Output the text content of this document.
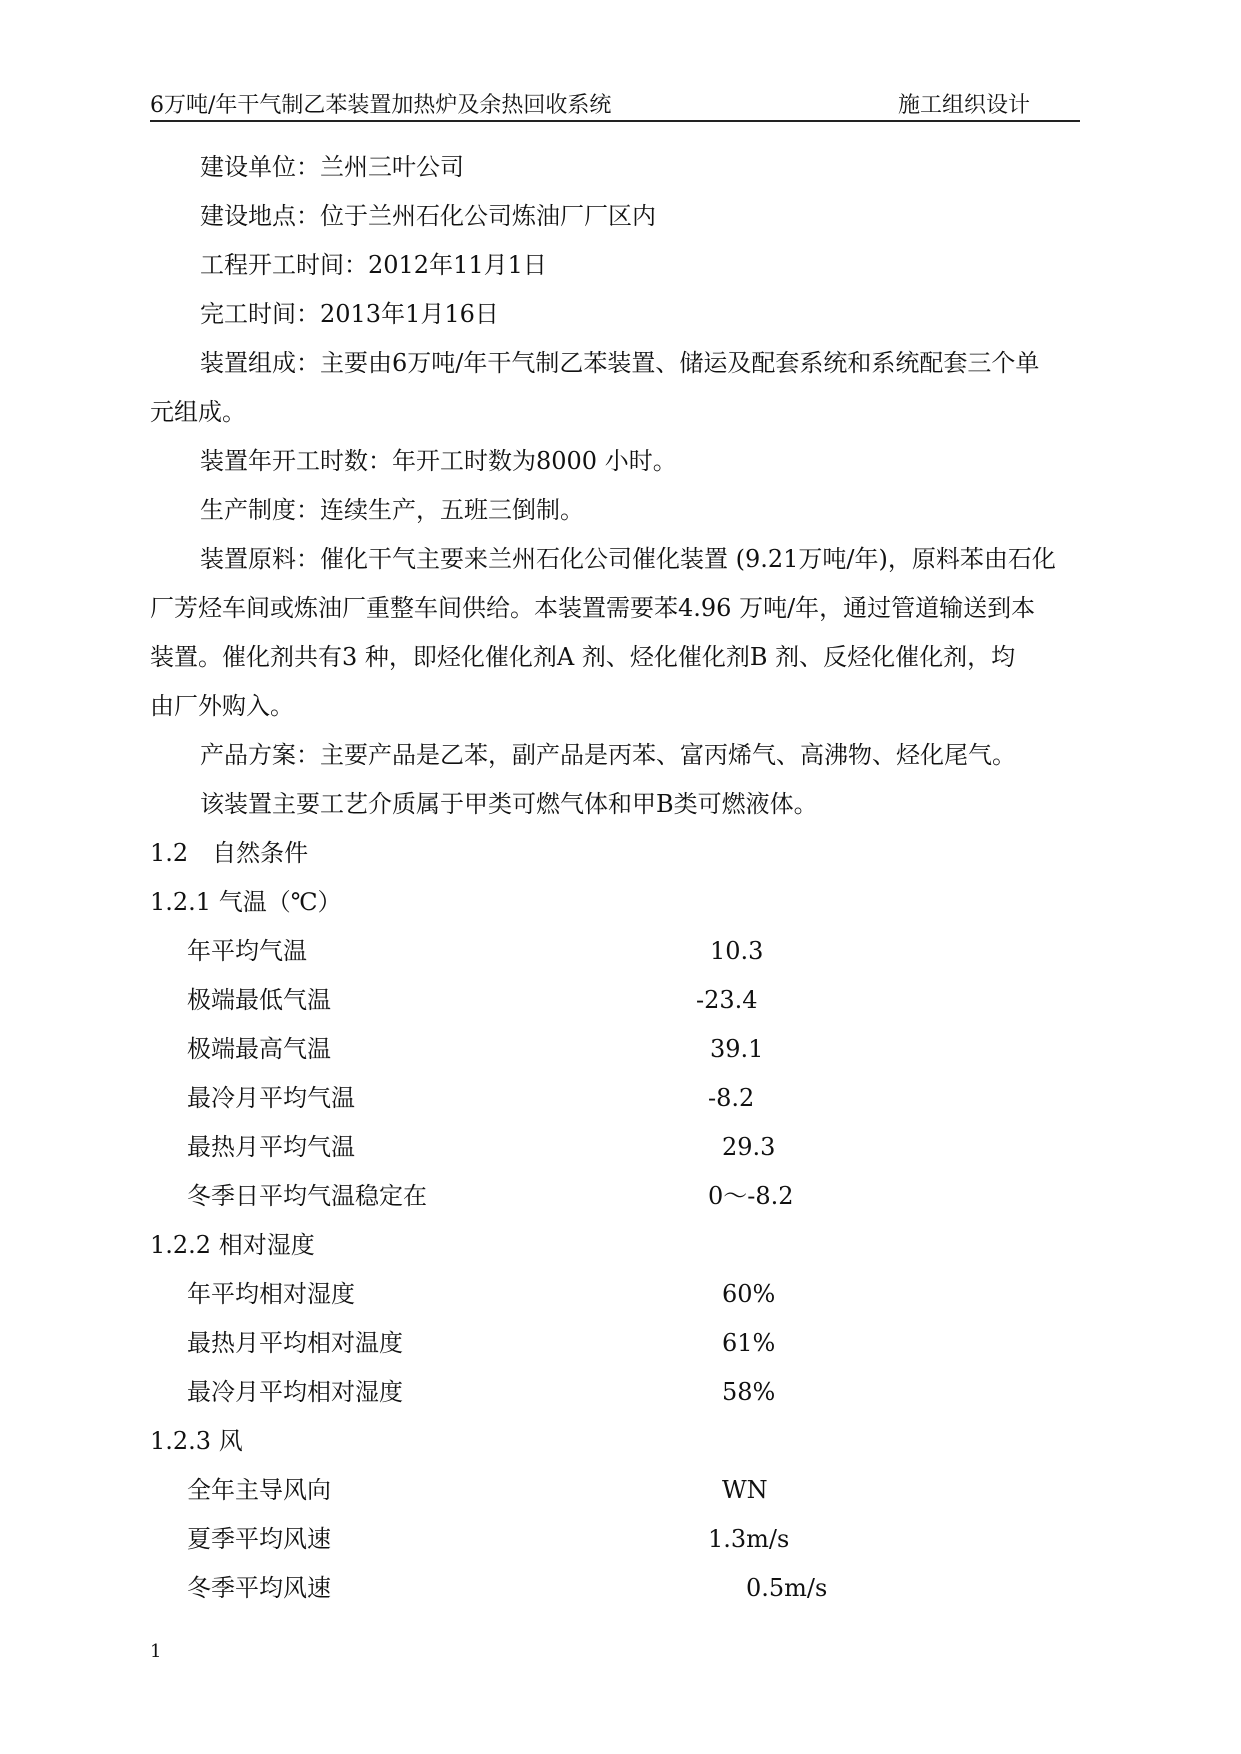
6万吨/年干气制乙苯装置加热炉及余热回收系统	施工组织设计
建设单位：兰州三叶公司
建设地点：位于兰州石化公司炼油厂厂区内
工程开工时间：2012年11月1日
完工时间：2013年1月16日
装置组成：主要由6万吨/年干气制乙苯装置、储运及配套系统和系统配套三个单
元组成。
装置年开工时数：年开工时数为8000 小时。
生产制度：连续生产，五班三倒制。
装置原料：催化干气主要来兰州石化公司催化装置 (9.21万吨/年)，原料苯由石化
厂芳烃车间或炼油厂重整车间供给。本装置需要苯4.96 万吨/年，通过管道输送到本
装置。催化剂共有3 种，即烃化催化剂A 剂、烃化催化剂B 剂、反烃化催化剂，均
由厂外购入。
产品方案：主要产品是乙苯，副产品是丙苯、富丙烯气、高沸物、烃化尾气。
该装置主要工艺介质属于甲类可燃气体和甲B类可燃液体。
1.2　自然条件
1.2.1 气温（℃）
年平均气温	10.3
极端最低气温	-23.4
极端最高气温	39.1
最冷月平均气温	-8.2
最热月平均气温	29.3
冬季日平均气温稳定在	0～-8.2
1.2.2 相对湿度
年平均相对湿度	60%
最热月平均相对温度	61%
最冷月平均相对湿度	58%
1.2.3 风
全年主导风向	WN
夏季平均风速	1.3m/s
冬季平均风速	0.5m/s
1
